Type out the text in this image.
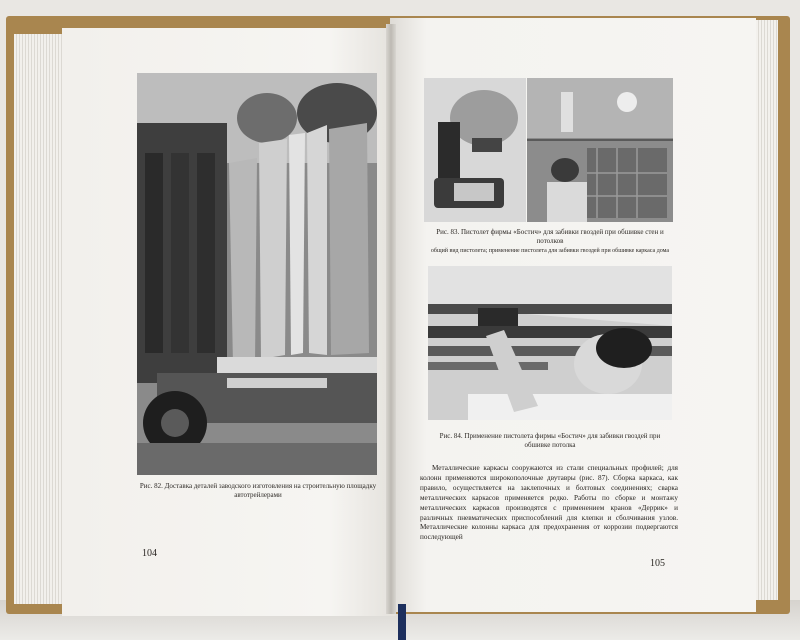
Рис. 82. Доставка деталей заводского изготовления на строительную площадку автотрейлерами
104
Рис. 83. Пистолет фирмы «Бостич» для забивки гвоздей при обшивке стен и потолков
общий вид пистолета; применение пистолета для забивки гвоздей при обшивке каркаса дома
Рис. 84. Применение пистолета фирмы «Бостич» для забивки гвоздей при обшивке потолка

Металлические каркасы сооружаются из стали специальных профилей; для колонн применяются широкополочные двутавры (рис. 87). Сборка каркаса, как правило, осуществляется на заклепочных и болтовых соединениях; сварка металлических каркасов применяется редко. Работы по сборке и монтажу металлических каркасов производятся с применением кранов «Деррик» и различных пневматических приспособлений для клепки и сболчивания узлов. Металлические колонны каркаса для предохранения от коррозии подвергаются последующей

105
